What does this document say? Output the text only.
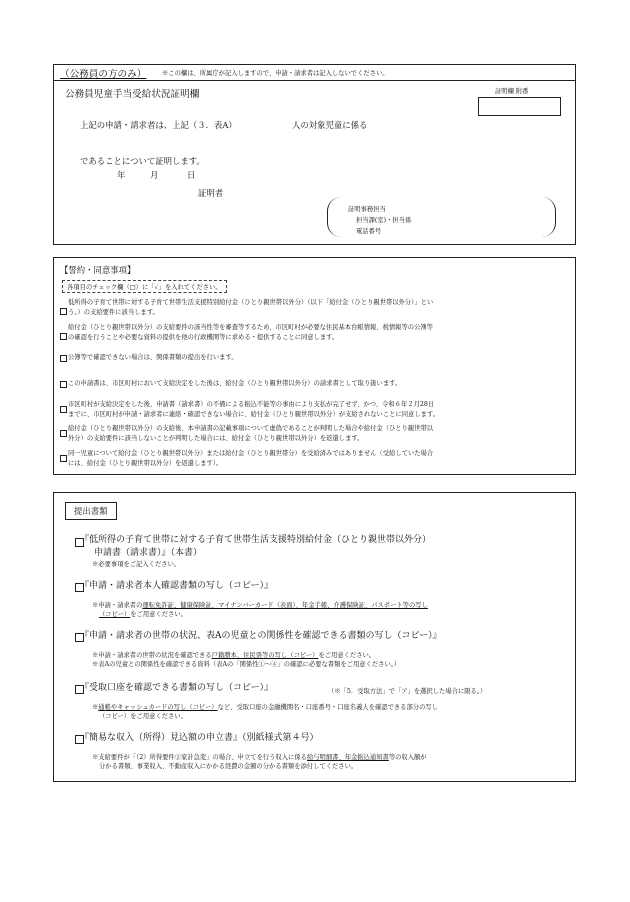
（公務員の方のみ） ※この欄は、所属庁が記入しますので、申請・請求者は記入しないでください。
公務員児童手当受給状況証明欄	証明欄 附番
上記の申請・請求者は、上記（３．表A）	人の対象児童に係る
であることについて証明します。
年	月	日
証明者
証明事務担当
担当課(室)・担当係
電話番号
【誓約・同意事項】
各項目のチェック欄（□）に「✓」を入れてください。
低所得の子育て世帯に対する子育て世帯生活支援特別給付金（ひとり親世帯以外分）（以下「給付金（ひとり親世帯以外分）」とい
う。）の支給要件に該当します。
給付金（ひとり親世帯以外分）の支給要件の該当性等を審査等するため、市区町村が必要な住民基本台帳情報、税情報等の公簿等
の確認を行うことや必要な資料の提供を他の行政機関等に求める・提供することに同意します。
公簿等で確認できない場合は、関係書類の提出を行います。
この申請書は、市区町村において支給決定をした後は、給付金（ひとり親世帯以外分）の請求書として取り扱います。
市区町村が支給決定をした後、申請書（請求書）の不備による振込不能等の事由により支払が完了せず、かつ、令和６年２月28日
までに、市区町村が申請・請求者に連絡・確認できない場合に、給付金（ひとり親世帯以外分）が支給されないことに同意します。
給付金（ひとり親世帯以外分）の支給後、本申請書の記載事項について虚偽であることが判明した場合や給付金（ひとり親世帯以
外分）の支給要件に該当しないことが判明した場合には、給付金（ひとり親世帯以外分）を返還します。
同一児童について給付金（ひとり親世帯以外分）または給付金（ひとり親世帯分）を受給済みではありません（受給していた場合
には、給付金（ひとり親世帯以外分）を返還します）。
提出書類
『低所得の子育て世帯に対する子育て世帯生活支援特別給付金（ひとり親世帯以外分）
申請書（請求書）』（本書）
※必要事項をご記入ください。
『申請・請求者本人確認書類の写し（コピー）』
※申請・請求者の運転免許証、健康保険証、マイナンバーカード（表面）、年金手帳、介護保険証、パスポート等の写し
（コピー）をご用意ください。
『申請・請求者の世帯の状況、表Aの児童との関係性を確認できる書類の写し（コピー）』
※申請・請求者の世帯の状況を確認できる戸籍謄本、住民票等の写し（コピー）をご用意ください。
※表Aの児童との関係性を確認できる資料（表Aの「関係性①～④」の確認に必要な書類をご用意ください。）
『受取口座を確認できる書類の写し（コピー）』	（※「5．受取方法」で「ア」を選択した場合に限る。）
※通帳やキャッシュカードの写し（コピー）など、受取口座の金融機関名・口座番号・口座名義人を確認できる部分の写し
（コピー）をご用意ください。
『簡易な収入（所得）見込額の申立書』（別紙様式第４号）
※支給要件が「（2）所得要件②家計急変」の場合、申立てを行う収入に係る給与明細書、年金振込通知書等の収入額が
分かる書類、事業収入、不動産収入にかかる経費の金額の分かる書類を添付してください。
